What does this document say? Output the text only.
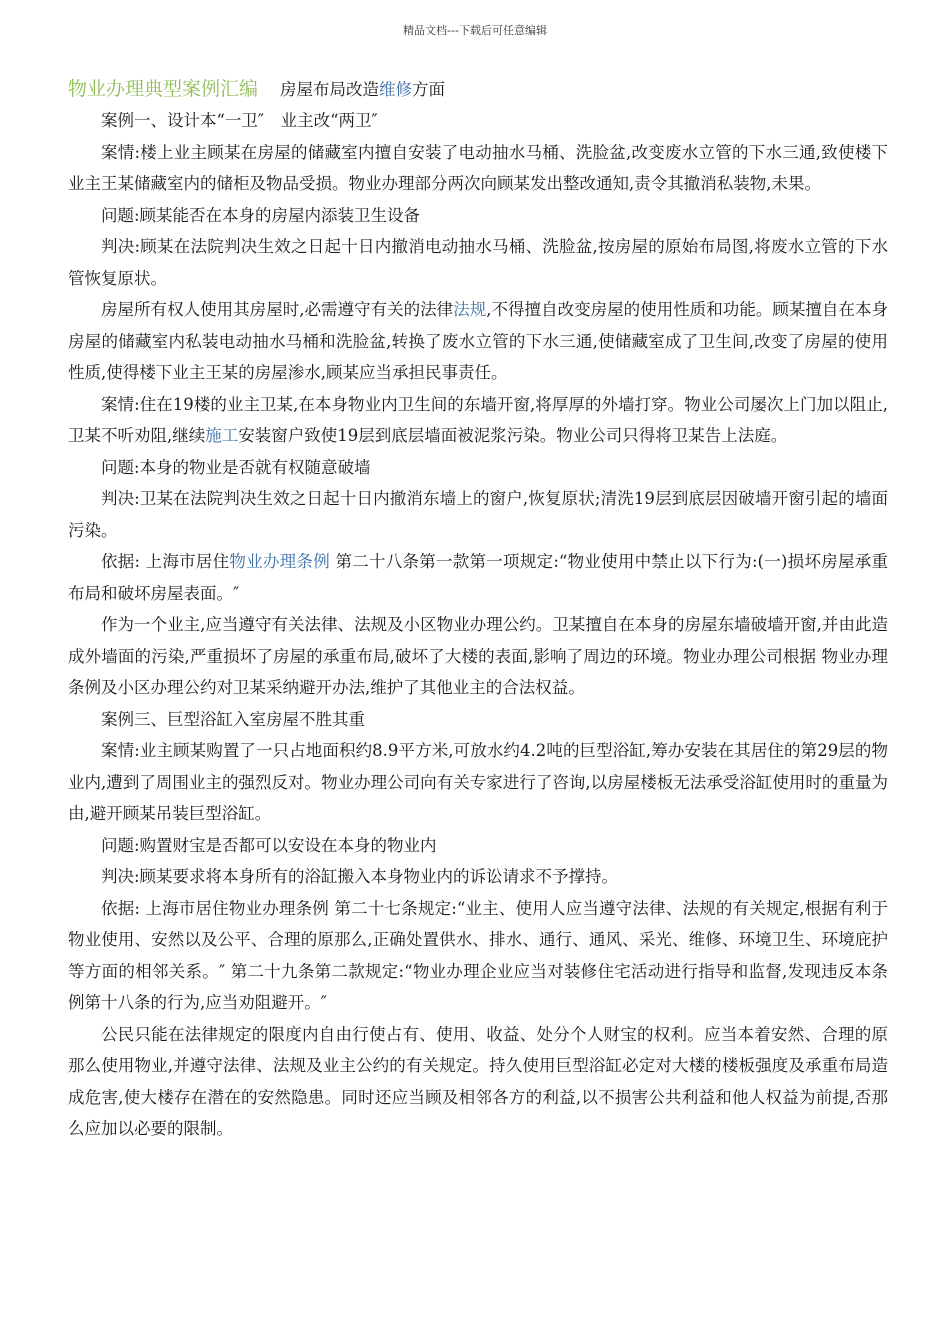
精品文档---下载后可任意编辑
物业办理典型案例汇编 房屋布局改造维修方面

案例一、设计本“一卫″　业主改“两卫″

案情:楼上业主顾某在房屋的储藏室内擅自安装了电动抽水马桶、洗脸盆,改变废水立管的下水三通,致使楼下业主王某储藏室内的储柜及物品受损。物业办理部分两次向顾某发出整改通知,责令其撤消私装物,未果。

问题:顾某能否在本身的房屋内添装卫生设备

判决:顾某在法院判决生效之日起十日内撤消电动抽水马桶、洗脸盆,按房屋的原始布局图,将废水立管的下水管恢复原状。

房屋所有权人使用其房屋时,必需遵守有关的法律法规,不得擅自改变房屋的使用性质和功能。顾某擅自在本身房屋的储藏室内私装电动抽水马桶和洗脸盆,转换了废水立管的下水三通,使储藏室成了卫生间,改变了房屋的使用性质,使得楼下业主王某的房屋渗水,顾某应当承担民事责任。

案情:住在19楼的业主卫某,在本身物业内卫生间的东墙开窗,将厚厚的外墙打穿。物业公司屡次上门加以阻止,卫某不听劝阻,继续施工安装窗户致使19层到底层墙面被泥浆污染。物业公司只得将卫某告上法庭。

问题:本身的物业是否就有权随意破墙

判决:卫某在法院判决生效之日起十日内撤消东墙上的窗户,恢复原状;清洗19层到底层因破墙开窗引起的墙面污染。

依据: 上海市居住物业办理条例 第二十八条第一款第一项规定:“物业使用中禁止以下行为:(一)损坏房屋承重布局和破坏房屋表面。″

作为一个业主,应当遵守有关法律、法规及小区物业办理公约。卫某擅自在本身的房屋东墙破墙开窗,并由此造成外墙面的污染,严重损坏了房屋的承重布局,破坏了大楼的表面,影响了周边的环境。物业办理公司根据 物业办理条例及小区办理公约对卫某采纳避开办法,维护了其他业主的合法权益。

案例三、巨型浴缸入室房屋不胜其重

案情:业主顾某购置了一只占地面积约8.9平方米,可放水约4.2吨的巨型浴缸,筹办安装在其居住的第29层的物业内,遭到了周围业主的强烈反对。物业办理公司向有关专家进行了咨询,以房屋楼板无法承受浴缸使用时的重量为由,避开顾某吊装巨型浴缸。

问题:购置财宝是否都可以安设在本身的物业内

判决:顾某要求将本身所有的浴缸搬入本身物业内的诉讼请求不予撑持。

依据: 上海市居住物业办理条例 第二十七条规定:“业主、使用人应当遵守法律、法规的有关规定,根据有利于物业使用、安然以及公平、合理的原那么,正确处置供水、排水、通行、通风、采光、维修、环境卫生、环境庇护等方面的相邻关系。″ 第二十九条第二款规定:“物业办理企业应当对装修住宅活动进行指导和监督,发现违反本条例第十八条的行为,应当劝阻避开。″

公民只能在法律规定的限度内自由行使占有、使用、收益、处分个人财宝的权利。应当本着安然、合理的原那么使用物业,并遵守法律、法规及业主公约的有关规定。持久使用巨型浴缸必定对大楼的楼板强度及承重布局造成危害,使大楼存在潜在的安然隐患。同时还应当顾及相邻各方的利益,以不损害公共利益和他人权益为前提,否那么应加以必要的限制。
